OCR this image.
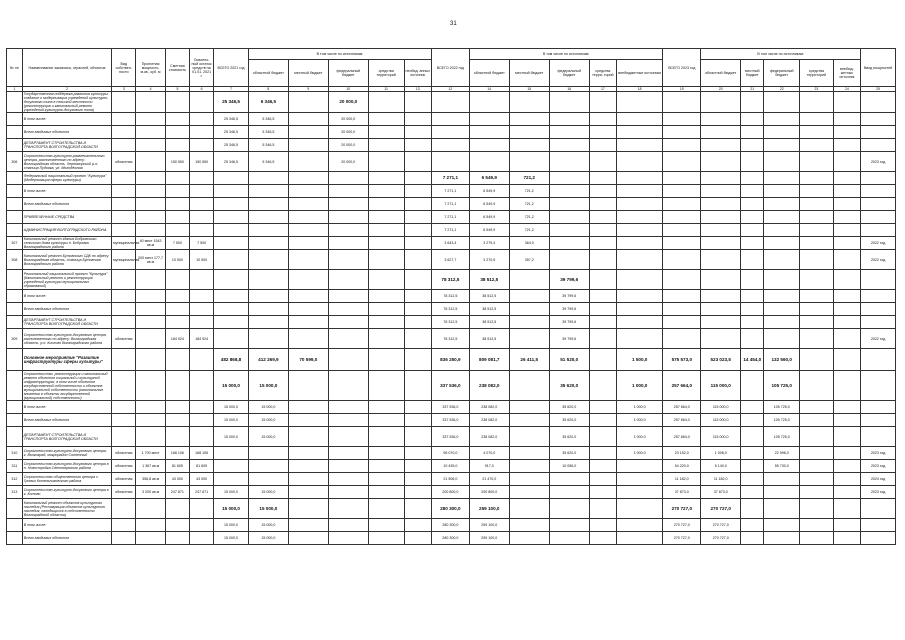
31
№ пп	Наименование заказчика, отраслей, объектов	Вид собствен- ности	Проектная мощность, м.кв., куб. м	Сметная стоимость	Освоено- ный остаток средств на 01.01. 2021 г.	ВСЕГО 2021 год	В том числе по источникам:					ВСЕГО 2022 год	В том числе по источникам:					ВСЕГО 2023 год	В том числе по источникам:					Ввод мощностей
							областной бюджет	местный бюджет	федеральный бюджет	средства территорий	необяд. анных источник		областной бюджет	местный бюджет	федеральный бюджет	средства терри- торий	внебюджетные источники		областной бюджет	местный бюджет	федеральный бюджет	средства территорий	внебюд- жетных источник	
1	2	3	4	5	6	7	8	9	10	11	13	12	14	15	16	17	18	19	20	21	22	23	24	25
	Государственная поддержка развития культуры: создание и модернизация учреждений культурно-досугового типа в сельской местности (реконструкция и капитальный ремонт учреждений культурно-досугового типа)					25 346,5	6 346,5		20 000,0															
	В том числе:					25 346,5	5 346,5		20 000,0															
	Всего вводимых объектов					25 346,5	5 346,5		20 000,0															
	ДЕПАРТАМЕНТ СТРОИТЕЛЬСТВА И ТРАНСПОРТА ВОЛГОГРАДСКОЙ ОБЛАСТИ					25 346,5	5 346,5		20 000,0															
306	Строительство культурно-развлекательного центра, расположенного по адресу: Волгоградская область, Черноморский р-н, станица Пудовка, ул. Молодёжная	областная		150 550	150 550	25 346,5	5 346,5		20 000,0															2023 год
	Федеральный национальный проект "Культура" (Модернизация сферы культуры)											7 271,1	6 549,9	721,2										
	В том числе:											7 271,1	6 549,9	721,2										
	Всего вводимых объектов											7 271,1	6 549,9	721,2										
	ПРИВЛЕЧЕННЫЕ СРЕДСТВА											7 271,1	6 549,9	721,2										
	АДМИНИСТРАЦИЯ ВОЛГОГРАДСКОГО РАЙОНА											7 271,1	6 549,9	721,2										
307	Капитальный ремонт здания Бобровского сельского дома культуры п. Бобровка Волгоградского района	муниципальная	40 мест 1543 кв.м	7 500	7 500							3 643,4	3 279,4	364,0										2022 год
308	Капитальный ремонт Бутовского СДК по адресу: Волгоградская область, станица Бутовская Волгоградского района	муниципальная	200 мест 177,7 кв.м	10 500	10 500							3 627,7	3 270,5	357,2										2022 год
	Региональный национальный проект "Культура" (Капитальный ремонт и реконструкция учреждений культуры муниципальных образований)											78 312,5	38 512,5		39 799,6									
	В том числе:											78 312,5	38 512,5		39 799,6									
	Всего вводимых объектов											78 312,5	38 512,5		39 799,6									
	ДЕПАРТАМЕНТ СТРОИТЕЛЬСТВА И ТРАНСПОРТА ВОЛГОГРАДСКОЙ ОБЛАСТИ											78 312,5	38 512,5		39 799,6									
309	Строительство культурно-досугового центра, расположенного по адресу: Волгоградская область, р.п. Кислово Волгоградского района	областная		184 924	184 924							78 312,5	38 512,5		39 799,6									2022 год
	Основное мероприятие "Развитие инфраструктуры сферы культуры"					482 868,8	412 269,9	70 599,0				836 250,9	809 081,7	26 411,5	51 520,0		1 500,0	575 573,0	523 023,5	14 454,0	132 560,0			
	Строительство, реконструкция и капитальный ремонт объектов социальной и культурной инфраструктуры, в том числе объектов государственной собственности и объектов муниципальной собственности (капитальные вложения в объекты государственной (муниципальной) собственности)					15 000,0	15 000,0					337 536,0	238 082,0		35 620,0		1 000,0	257 664,0	115 000,0		105 725,0			
	В том числе:					15 000,0	15 000,0					337 536,0	238 082,0		35 620,0		1 000,0	257 664,0	115 000,0		105 725,0			
	Всего вводимых объектов					15 000,0	15 000,0					337 536,0	238 082,0		35 620,0		1 000,0	257 664,0	115 000,0		105 725,0			
	ДЕПАРТАМЕНТ СТРОИТЕЛЬСТВА И ТРАНСПОРТА ВОЛГОГРАДСКОЙ ОБЛАСТИ					15 000,0	15 000,0					337 536,0	238 082,0		35 620,0		1 000,0	257 664,0	115 000,0		105 725,0			
310	Строительство культурно-досугового центра, г. Волгоград, микрорайон Солнечный	областная	1 700 мест	168 106	168 106							95 070,0	4 070,0		35 620,0		1 000,0	23 152,0	1 008,0		22 996,0			2023 год
311	Строительство культурно-досугового центра в п. Новостройка Светлоярского района	областная	1 367 кв.м	81 605	81 605							10 435,0	917,0		10 056,0			54 220,0	5 140,0		55 730,0			2023 год
312	Строительство общественного центра с. Громки Котельниковского района	областная	356,8 кв.м	43 000	43 000							21 506,0	21 470,0					11 182,0	11 182,0					2024 год
313	Строительство культурно-досугового центра в г. Котово	областная	3 200 кв.м	247 871	247 871	15 000,0	15 000,0					200 800,0	200 800,0					37 873,0	37 873,0					2023 год
	Капитальный ремонт объектов культурного наследия (Реставрация объектов культурного наследия, находящихся в собственности Волгоградской области)					15 000,0	15 000,0					280 300,0	259 100,0					270 727,0	270 727,0					
	В том числе:					15 000,0	15 000,0					280 300,0	259 100,0					270 727,0	270 727,0					
	Всего вводимых объектов					15 000,0	15 000,0					280 300,0	259 100,0					270 727,0	270 727,0					
